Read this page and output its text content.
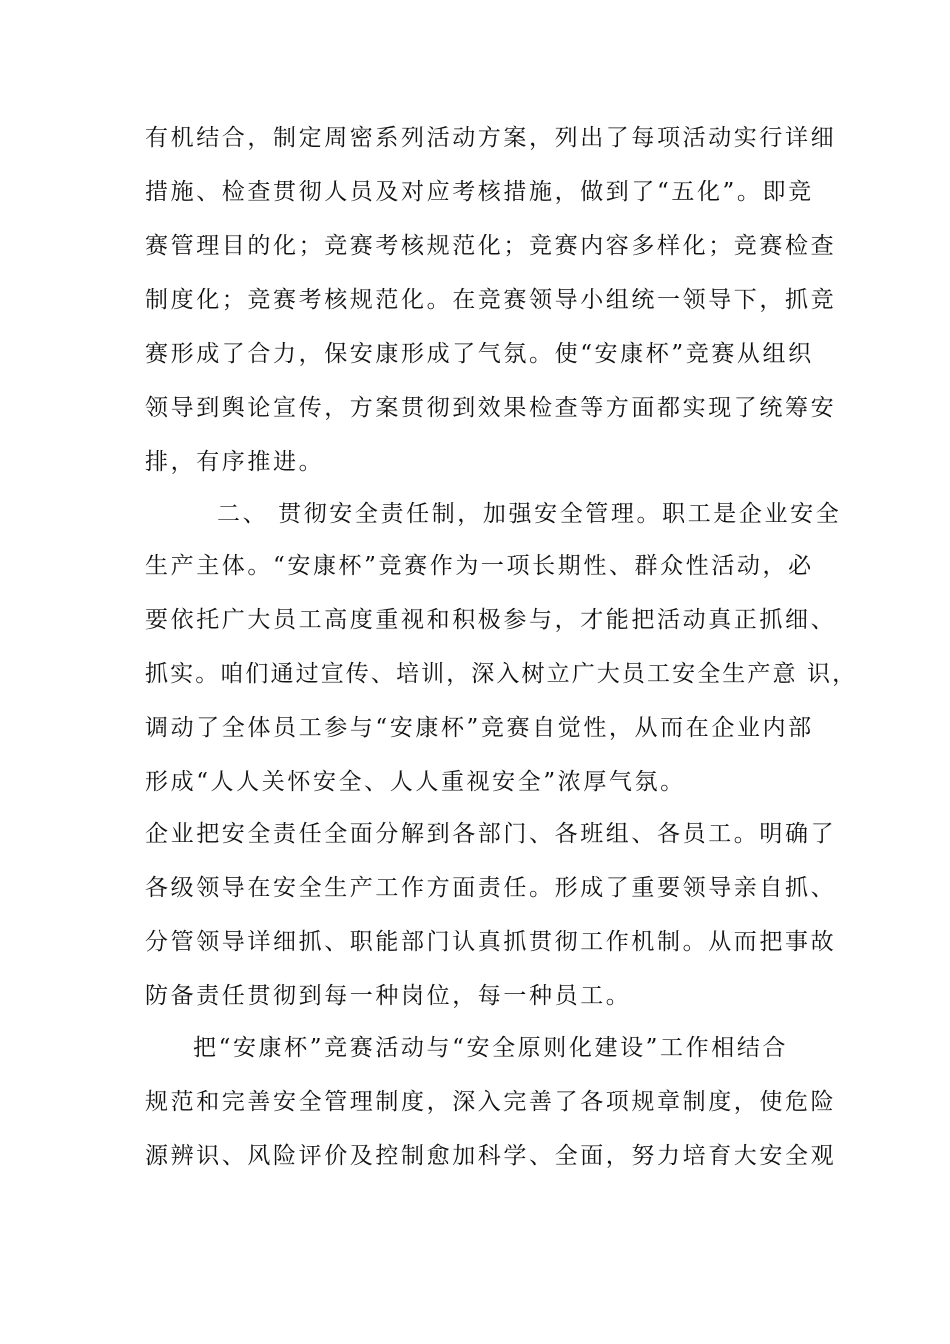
有机结合，制定周密系列活动方案，列出了每项活动实行详细
措施、检查贯彻人员及对应考核措施，做到了“五化”。即竞
赛管理目的化；竞赛考核规范化；竞赛内容多样化；竞赛检查
制度化；竞赛考核规范化。在竞赛领导小组统一领导下，抓竞
赛形成了合力，保安康形成了气氛。使“安康杯”竞赛从组织
领导到舆论宣传，方案贯彻到效果检查等方面都实现了统筹安
排，有序推进。
二、 贯彻安全责任制，加强安全管理。职工是企业安全
生产主体。“安康杯”竞赛作为一项长期性、群众性活动，必
要依托广大员工高度重视和积极参与，才能把活动真正抓细、
抓实。咱们通过宣传、培训，深入树立广大员工安全生产意 识，
调动了全体员工参与“安康杯”竞赛自觉性，从而在企业内部
形成“人人关怀安全、人人重视安全”浓厚气氛。
企业把安全责任全面分解到各部门、各班组、各员工。明确了
各级领导在安全生产工作方面责任。形成了重要领导亲自抓、
分管领导详细抓、职能部门认真抓贯彻工作机制。从而把事故
防备责任贯彻到每一种岗位，每一种员工。
把“安康杯”竞赛活动与“安全原则化建设”工作相结合
规范和完善安全管理制度，深入完善了各项规章制度，使危险
源辨识、风险评价及控制愈加科学、全面，努力培育大安全观
